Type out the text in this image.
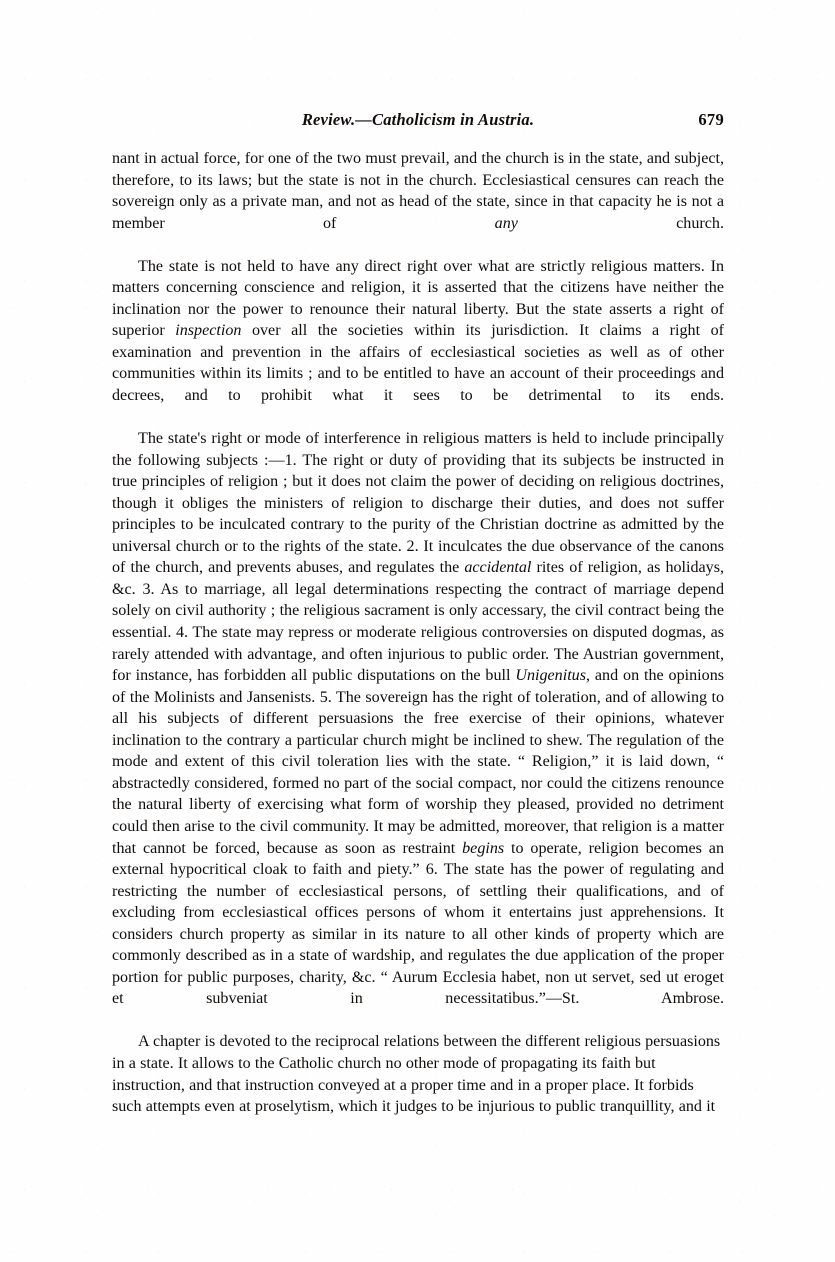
Review.—Catholicism in Austria.	679

nant in actual force, for one of the two must prevail, and the church is in the state, and subject, therefore, to its laws; but the state is not in the church. Ecclesiastical censures can reach the sovereign only as a private man, and not as head of the state, since in that capacity he is not a member of any church.

The state is not held to have any direct right over what are strictly religious matters. In matters concerning conscience and religion, it is asserted that the citizens have neither the inclination nor the power to renounce their natural liberty. But the state asserts a right of superior inspection over all the societies within its jurisdiction. It claims a right of examination and prevention in the affairs of ecclesiastical societies as well as of other communities within its limits ; and to be entitled to have an account of their proceedings and decrees, and to prohibit what it sees to be detrimental to its ends.

The state's right or mode of interference in religious matters is held to include principally the following subjects :—1. The right or duty of providing that its subjects be instructed in true principles of religion ; but it does not claim the power of deciding on religious doctrines, though it obliges the ministers of religion to discharge their duties, and does not suffer principles to be inculcated contrary to the purity of the Christian doctrine as admitted by the universal church or to the rights of the state. 2. It inculcates the due observance of the canons of the church, and prevents abuses, and regulates the accidental rites of religion, as holidays, &c. 3. As to marriage, all legal determinations respecting the contract of marriage depend solely on civil authority ; the religious sacrament is only accessary, the civil contract being the essential. 4. The state may repress or moderate religious controversies on disputed dogmas, as rarely attended with advantage, and often injurious to public order. The Austrian government, for instance, has forbidden all public disputations on the bull Unigenitus, and on the opinions of the Molinists and Jansenists. 5. The sovereign has the right of toleration, and of allowing to all his subjects of different persuasions the free exercise of their opinions, whatever inclination to the contrary a particular church might be inclined to shew. The regulation of the mode and extent of this civil toleration lies with the state. “ Religion,” it is laid down, “ abstractedly considered, formed no part of the social compact, nor could the citizens renounce the natural liberty of exercising what form of worship they pleased, provided no detriment could then arise to the civil community. It may be admitted, moreover, that religion is a matter that cannot be forced, because as soon as restraint begins to operate, religion becomes an external hypocritical cloak to faith and piety.” 6. The state has the power of regulating and restricting the number of ecclesiastical persons, of settling their qualifications, and of excluding from ecclesiastical offices persons of whom it entertains just apprehensions. It considers church property as similar in its nature to all other kinds of property which are commonly described as in a state of wardship, and regulates the due application of the proper portion for public purposes, charity, &c. “ Aurum Ecclesia habet, non ut servet, sed ut eroget et subveniat in necessitatibus.”—St. Ambrose.

A chapter is devoted to the reciprocal relations between the different religious persuasions in a state. It allows to the Catholic church no other mode of propagating its faith but instruction, and that instruction conveyed at a proper time and in a proper place. It forbids such attempts even at proselytism, which it judges to be injurious to public tranquillity, and it
